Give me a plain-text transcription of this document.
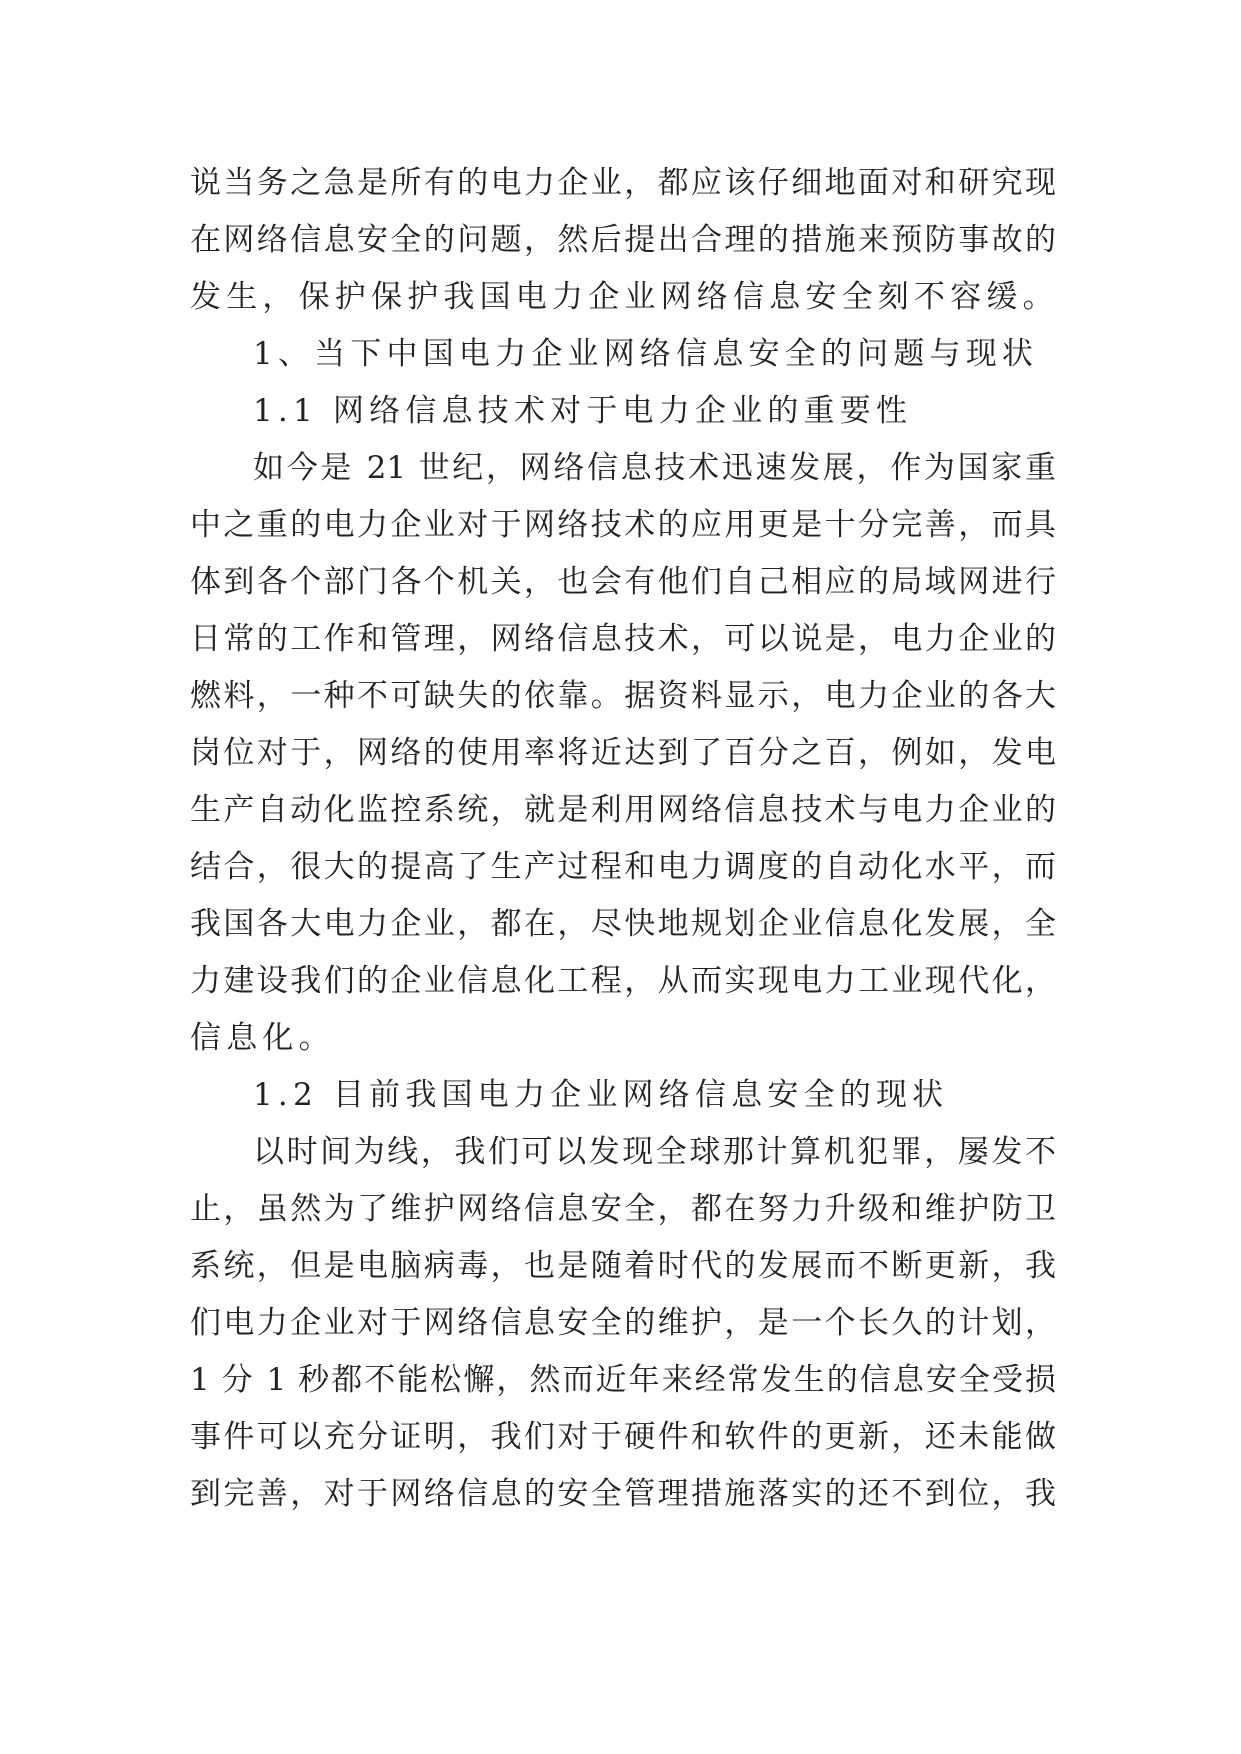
说当务之急是所有的电力企业，都应该仔细地面对和研究现
在网络信息安全的问题，然后提出合理的措施来预防事故的
发生，保护保护我国电力企业网络信息安全刻不容缓。
1、当下中国电力企业网络信息安全的问题与现状
1.1 网络信息技术对于电力企业的重要性
如今是 21 世纪，网络信息技术迅速发展，作为国家重
中之重的电力企业对于网络技术的应用更是十分完善，而具
体到各个部门各个机关，也会有他们自己相应的局域网进行
日常的工作和管理，网络信息技术，可以说是，电力企业的
燃料，一种不可缺失的依靠。据资料显示，电力企业的各大
岗位对于，网络的使用率将近达到了百分之百，例如，发电
生产自动化监控系统，就是利用网络信息技术与电力企业的
结合，很大的提高了生产过程和电力调度的自动化水平，而
我国各大电力企业，都在，尽快地规划企业信息化发展，全
力建设我们的企业信息化工程，从而实现电力工业现代化，
信息化。
1.2 目前我国电力企业网络信息安全的现状
以时间为线，我们可以发现全球那计算机犯罪，屡发不
止，虽然为了维护网络信息安全，都在努力升级和维护防卫
系统，但是电脑病毒，也是随着时代的发展而不断更新，我
们电力企业对于网络信息安全的维护，是一个长久的计划，
1 分 1 秒都不能松懈，然而近年来经常发生的信息安全受损
事件可以充分证明，我们对于硬件和软件的更新，还未能做
到完善，对于网络信息的安全管理措施落实的还不到位，我
